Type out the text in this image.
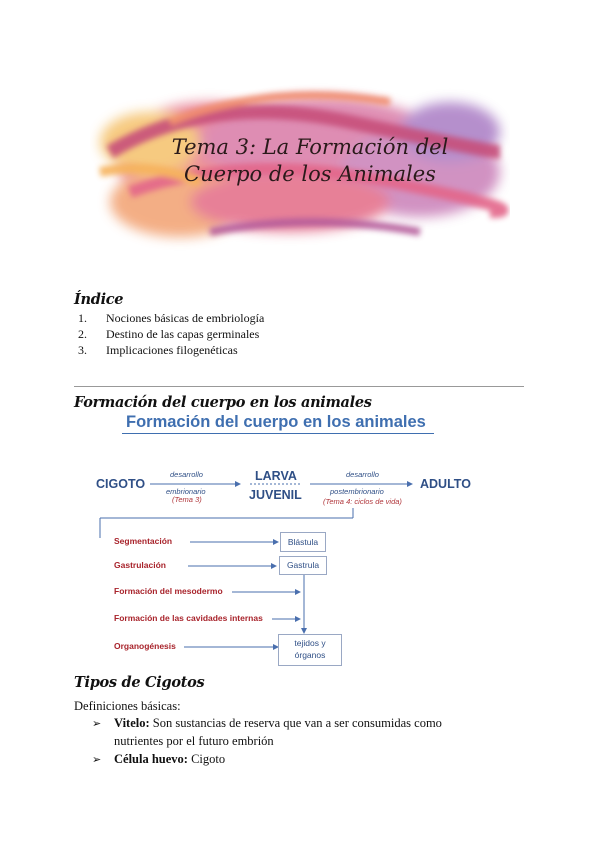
Tema 3: La Formación del
Cuerpo de los Animales
Índice
1. Nociones básicas de embriología
2. Destino de las capas germinales
3. Implicaciones filogenéticas
Formación del cuerpo en los animales
Formación del cuerpo en los animales
CIGOTO
desarrollo
embrionario
(Tema 3)
LARVA
JUVENIL
desarrollo
postembrionario
(Tema 4: ciclos de vida)
ADULTO
Segmentación
Gastrulación
Formación del mesodermo
Formación de las cavidades internas
Organogénesis
Blástula
Gastrula
tejidos y
órganos
Tipos de Cigotos
Definiciones básicas:
➢ Vitelo: Son sustancias de reserva que van a ser consumidas como
nutrientes por el futuro embrión
➢ Célula huevo: Cigoto
